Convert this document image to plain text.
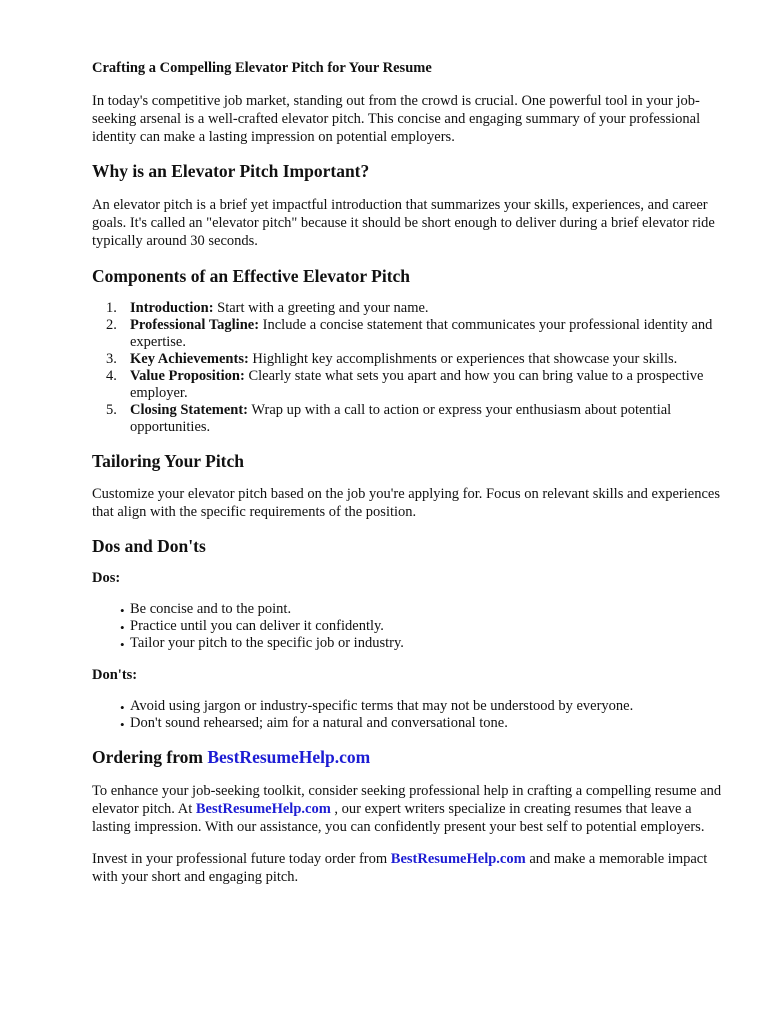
Crafting a Compelling Elevator Pitch for Your Resume

In today's competitive job market, standing out from the crowd is crucial. One powerful tool in your job-seeking arsenal is a well-crafted elevator pitch. This concise and engaging summary of your professional identity can make a lasting impression on potential employers.

Why is an Elevator Pitch Important?

An elevator pitch is a brief yet impactful introduction that summarizes your skills, experiences, and career goals. It's called an "elevator pitch" because it should be short enough to deliver during a brief elevator ride typically around 30 seconds.

Components of an Effective Elevator Pitch
1. Introduction: Start with a greeting and your name.
2. Professional Tagline: Include a concise statement that communicates your professional identity and expertise.
3. Key Achievements: Highlight key accomplishments or experiences that showcase your skills.
4. Value Proposition: Clearly state what sets you apart and how you can bring value to a prospective employer.
5. Closing Statement: Wrap up with a call to action or express your enthusiasm about potential opportunities.
Tailoring Your Pitch

Customize your elevator pitch based on the job you're applying for. Focus on relevant skills and experiences that align with the specific requirements of the position.

Dos and Don'ts

Dos:

• Be concise and to the point.
• Practice until you can deliver it confidently.
• Tailor your pitch to the specific job or industry.

Don'ts:

• Avoid using jargon or industry-specific terms that may not be understood by everyone.
• Don't sound rehearsed; aim for a natural and conversational tone.
Ordering from BestResumeHelp.com

To enhance your job-seeking toolkit, consider seeking professional help in crafting a compelling resume and elevator pitch. At BestResumeHelp.com , our expert writers specialize in creating resumes that leave a lasting impression. With our assistance, you can confidently present your best self to potential employers.

Invest in your professional future today order from BestResumeHelp.com and make a memorable impact with your short and engaging pitch.
